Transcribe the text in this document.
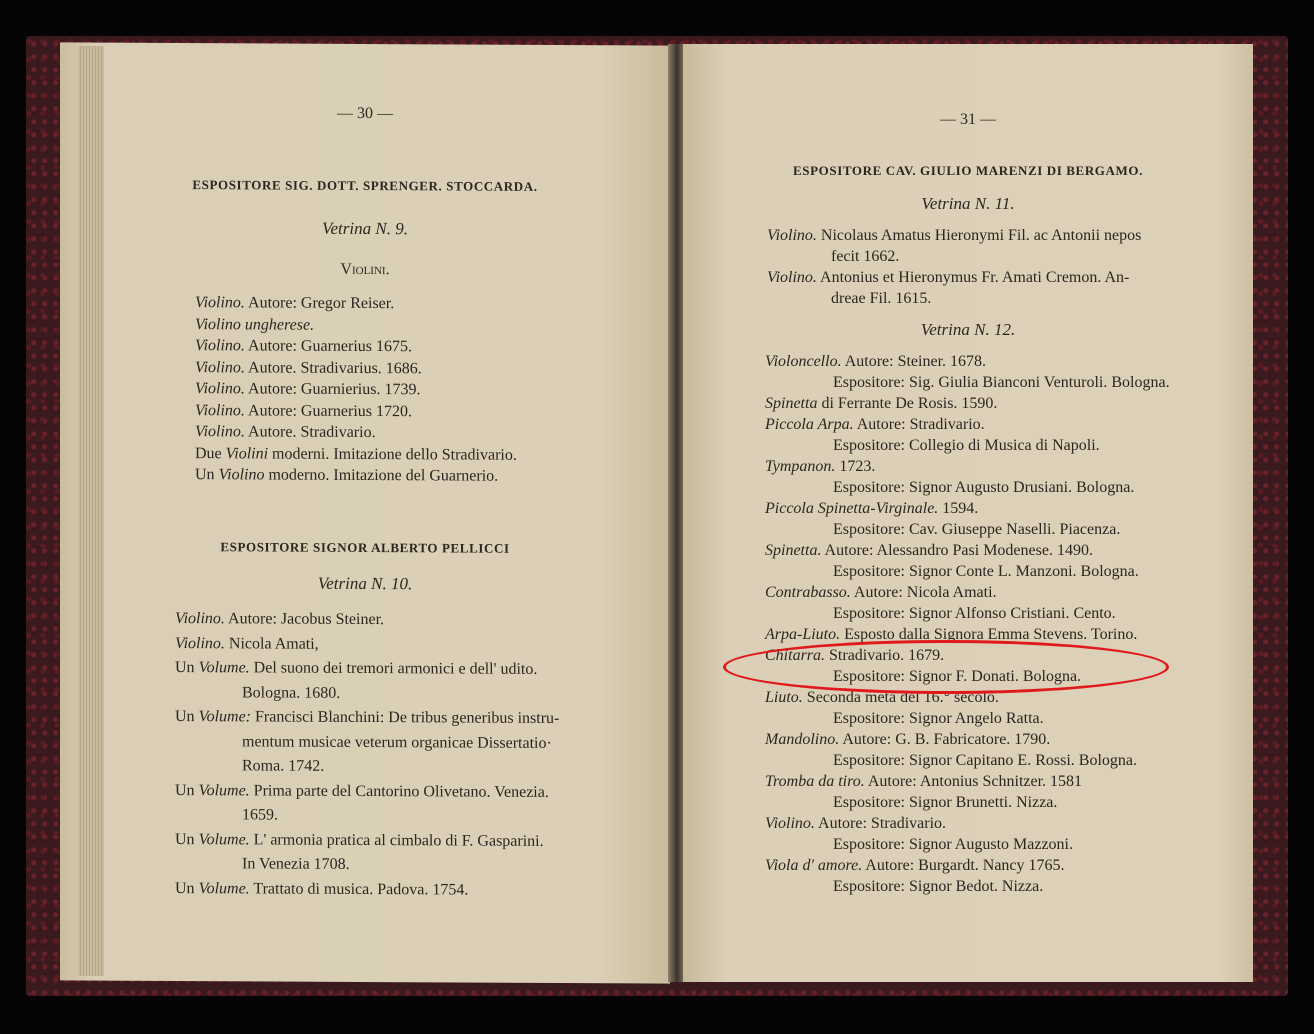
— 30 —
ESPOSITORE SIG. DOTT. SPRENGER. STOCCARDA.
Vetrina N. 9.
Violini.
Violino. Autore: Gregor Reiser.
Violino ungherese.
Violino. Autore: Guarnerius 1675.
Violino. Autore. Stradivarius. 1686.
Violino. Autore: Guarnierius. 1739.
Violino. Autore: Guarnerius 1720.
Violino. Autore. Stradivario.
Due Violini moderni. Imitazione dello Stradivario.
Un Violino moderno. Imitazione del Guarnerio.
ESPOSITORE SIGNOR ALBERTO PELLICCI
Vetrina N. 10.
Violino. Autore: Jacobus Steiner.
Violino. Nicola Amati,
Un Volume. Del suono dei tremori armonici e dell' udito.
Bologna. 1680.
Un Volume: Francisci Blanchini: De tribus generibus instru-
mentum musicae veterum organicae Dissertatio·
Roma. 1742.
Un Volume. Prima parte del Cantorino Olivetano. Venezia.
1659.
Un Volume. L' armonia pratica al cimbalo di F. Gasparini.
In Venezia 1708.
Un Volume. Trattato di musica. Padova. 1754.
— 31 —
ESPOSITORE CAV. GIULIO MARENZI DI BERGAMO.
Vetrina N. 11.
Violino. Nicolaus Amatus Hieronymi Fil. ac Antonii nepos
fecit 1662.
Violino. Antonius et Hieronymus Fr. Amati Cremon. An-
dreae Fil. 1615.
Vetrina N. 12.
Violoncello. Autore: Steiner. 1678.
Espositore: Sig. Giulia Bianconi Venturoli. Bologna.
Spinetta di Ferrante De Rosis. 1590.
Piccola Arpa. Autore: Stradivario.
Espositore: Collegio di Musica di Napoli.
Tympanon. 1723.
Espositore: Signor Augusto Drusiani. Bologna.
Piccola Spinetta-Virginale. 1594.
Espositore: Cav. Giuseppe Naselli. Piacenza.
Spinetta. Autore: Alessandro Pasi Modenese. 1490.
Espositore: Signor Conte L. Manzoni. Bologna.
Contrabasso. Autore: Nicola Amati.
Espositore: Signor Alfonso Cristiani. Cento.
Arpa-Liuto. Esposto dalla Signora Emma Stevens. Torino.
Chitarra. Stradivario. 1679.
Espositore: Signor F. Donati. Bologna.
Liuto. Seconda metà del 16.° secolo.
Espositore: Signor Angelo Ratta.
Mandolino. Autore: G. B. Fabricatore. 1790.
Espositore: Signor Capitano E. Rossi. Bologna.
Tromba da tiro. Autore: Antonius Schnitzer. 1581
Espositore: Signor Brunetti. Nizza.
Violino. Autore: Stradivario.
Espositore: Signor Augusto Mazzoni.
Viola d' amore. Autore: Burgardt. Nancy 1765.
Espositore: Signor Bedot. Nizza.
